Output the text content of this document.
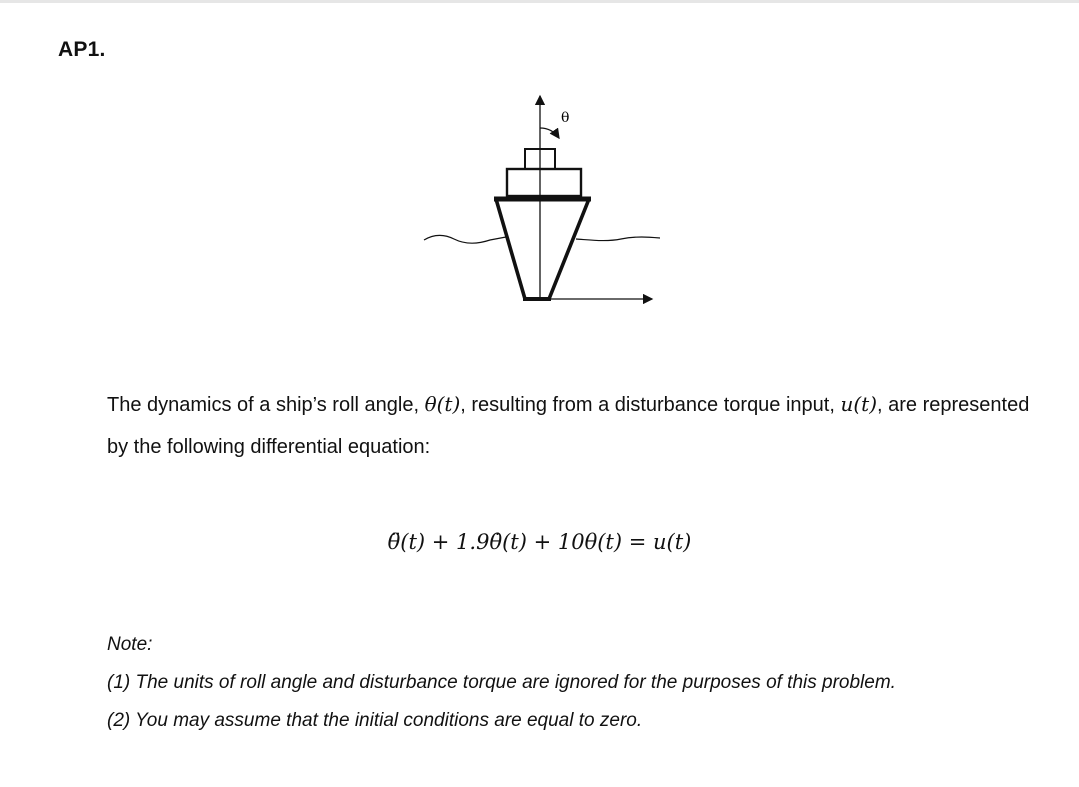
AP1.
θ
The dynamics of a ship’s roll angle, θ(t), resulting from a disturbance torque input, u(t), are represented by the following differential equation:
θ̈(t) + 1.9θ̇(t) + 10θ(t) = u(t)
Note:
(1) The units of roll angle and disturbance torque are ignored for the purposes of this problem.
(2) You may assume that the initial conditions are equal to zero.
